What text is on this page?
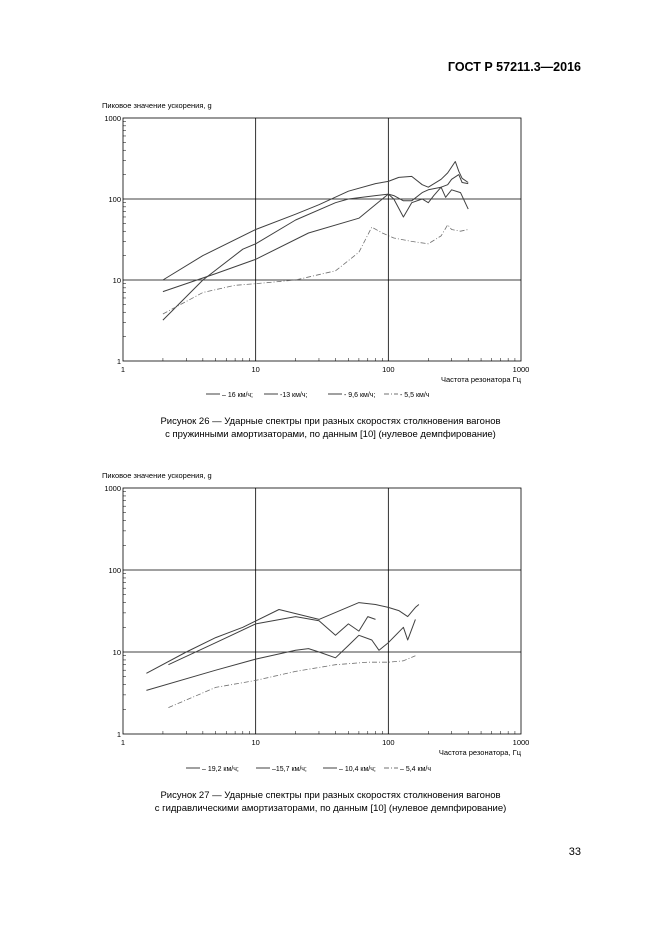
ГОСТ Р 57211.3—2016
Пиковое значение ускорения, g
1	10	100	1000
1
10
100
1000
Частота резонатора Гц
– 16 км/ч;	-13 км/ч;	- 9,6 км/ч;	- 5,5 км/ч
Рисунок 26 — Ударные спектры при разных скоростях столкновения вагонов
с пружинными амортизаторами, по данным [10] (нулевое демпфирование)
Пиковое значение ускорения, g
1	10	100	1000
1
10
100
1000
Частота резонатора, Гц
– 19,2 км/ч;	–15,7 км/ч;	– 10,4 км/ч;	– 5,4 км/ч
Рисунок 27 — Ударные спектры при разных скоростях столкновения вагонов
с гидравлическими амортизаторами, по данным [10] (нулевое демпфирование)
33
